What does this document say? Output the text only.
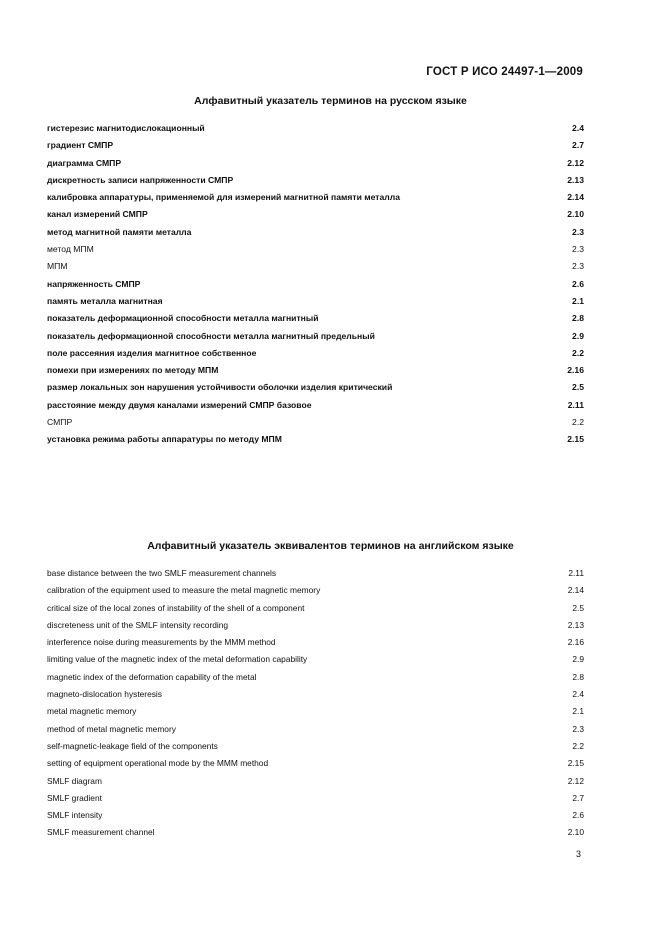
ГОСТ Р ИСО 24497-1—2009
Алфавитный указатель терминов на русском языке
гистерезис магнитодислокационный	2.4
градиент СМПР	2.7
диаграмма СМПР	2.12
дискретность записи напряженности СМПР	2.13
калибровка аппаратуры, применяемой для измерений магнитной памяти металла	2.14
канал измерений СМПР	2.10
метод магнитной памяти металла	2.3
метод МПМ	2.3
МПМ	2.3
напряженность СМПР	2.6
память металла магнитная	2.1
показатель деформационной способности металла магнитный	2.8
показатель деформационной способности металла магнитный предельный	2.9
поле рассеяния изделия магнитное собственное	2.2
помехи при измерениях по методу МПМ	2.16
размер локальных зон нарушения устойчивости оболочки изделия критический	2.5
расстояние между двумя каналами измерений СМПР базовое	2.11
СМПР	2.2
установка режима работы аппаратуры по методу МПМ	2.15
Алфавитный указатель эквивалентов терминов на английском языке
base distance between the two SMLF measurement channels	2.11
calibration of the equipment used to measure the metal magnetic memory	2.14
critical size of the local zones of instability of the shell of a component	2.5
discreteness unit of the SMLF intensity recording	2.13
interference noise during measurements by the MMM method	2.16
limiting value of the magnetic index of the metal deformation capability	2.9
magnetic index of the deformation capability of the metal	2.8
magneto-dislocation hysteresis	2.4
metal magnetic memory	2.1
method of metal magnetic memory	2.3
self-magnetic-leakage field of the components	2.2
setting of equipment operational mode by the MMM method	2.15
SMLF diagram	2.12
SMLF gradient	2.7
SMLF intensity	2.6
SMLF measurement channel	2.10
3
